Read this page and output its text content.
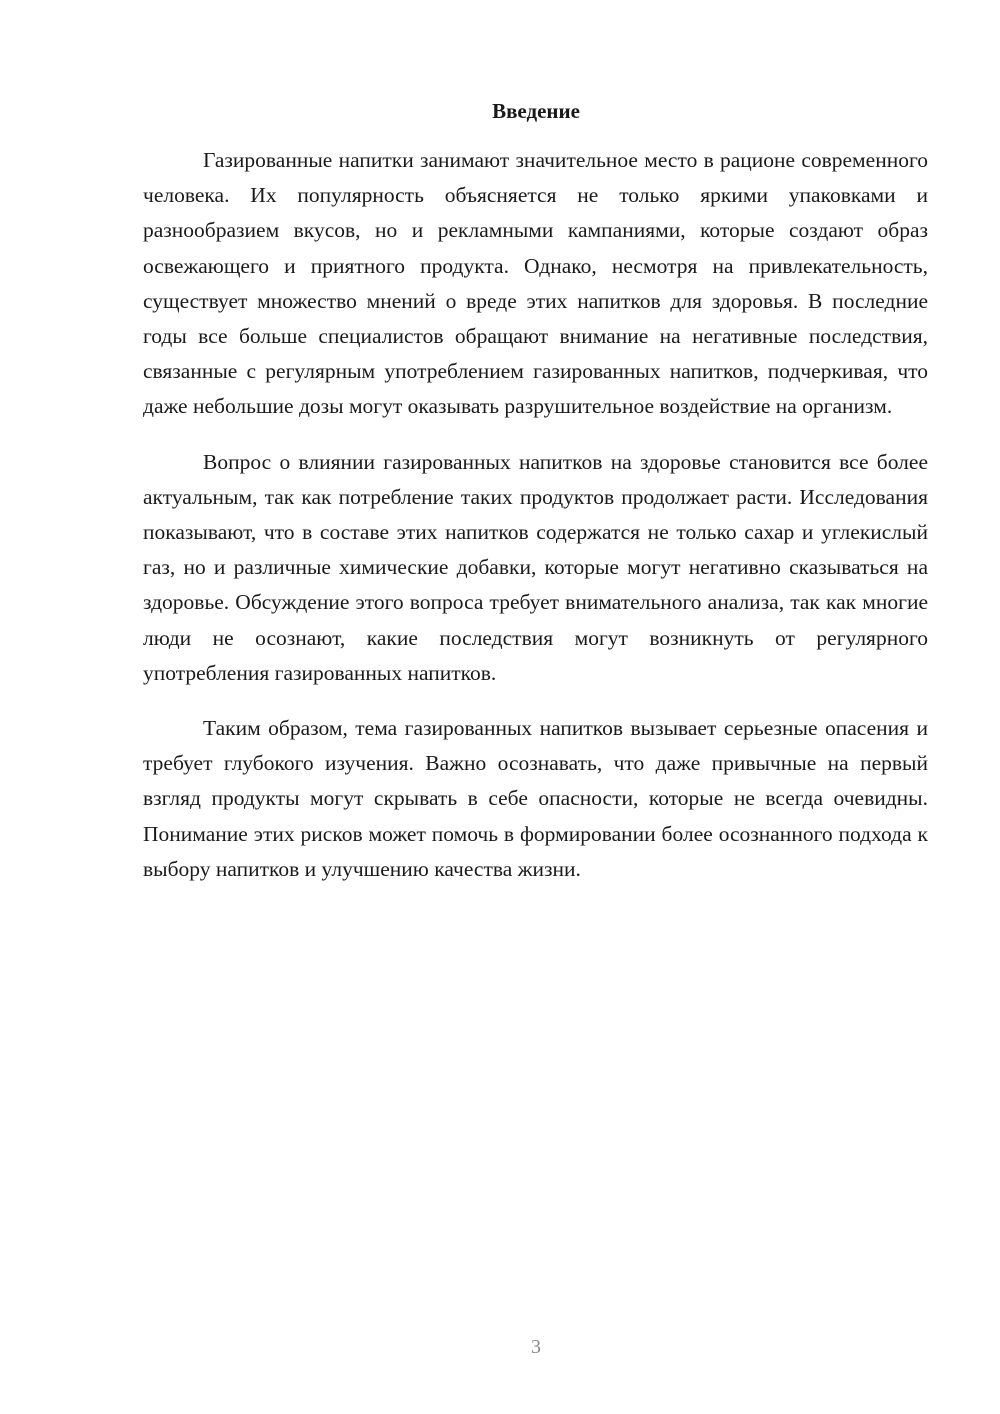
Введение

Газированные напитки занимают значительное место в рационе современного человека. Их популярность объясняется не только яркими упаковками и разнообразием вкусов, но и рекламными кампаниями, которые создают образ освежающего и приятного продукта. Однако, несмотря на привлекательность, существует множество мнений о вреде этих напитков для здоровья. В последние годы все больше специалистов обращают внимание на негативные последствия, связанные с регулярным употреблением газированных напитков, подчеркивая, что даже небольшие дозы могут оказывать разрушительное воздействие на организм.

Вопрос о влиянии газированных напитков на здоровье становится все более актуальным, так как потребление таких продуктов продолжает расти. Исследования показывают, что в составе этих напитков содержатся не только сахар и углекислый газ, но и различные химические добавки, которые могут негативно сказываться на здоровье. Обсуждение этого вопроса требует внимательного анализа, так как многие люди не осознают, какие последствия могут возникнуть от регулярного употребления газированных напитков.

Таким образом, тема газированных напитков вызывает серьезные опасения и требует глубокого изучения. Важно осознавать, что даже привычные на первый взгляд продукты могут скрывать в себе опасности, которые не всегда очевидны. Понимание этих рисков может помочь в формировании более осознанного подхода к выбору напитков и улучшению качества жизни.

3
